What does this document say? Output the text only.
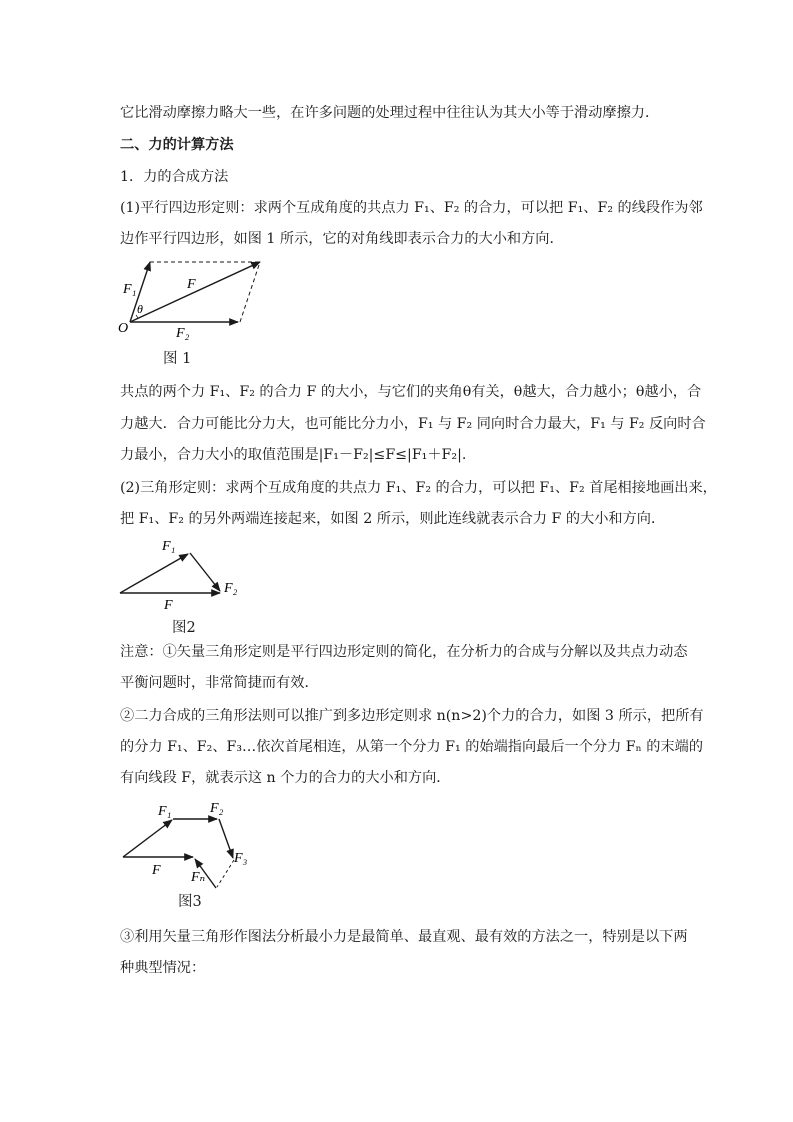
它比滑动摩擦力略大一些，在许多问题的处理过程中往往认为其大小等于滑动摩擦力．
二、力的计算方法
1．力的合成方法
(1)平行四边形定则：求两个互成角度的共点力 F₁、F₂ 的合力，可以把 F₁、F₂ 的线段作为邻
边作平行四边形，如图 1 所示，它的对角线即表示合力的大小和方向．
F₁	F
θ
O	F₂
图 1
共点的两个力 F₁、F₂ 的合力 F 的大小，与它们的夹角θ有关，θ越大，合力越小；θ越小，合
力越大．合力可能比分力大，也可能比分力小，F₁ 与 F₂ 同向时合力最大，F₁ 与 F₂ 反向时合
力最小，合力大小的取值范围是|F₁－F₂|≤F≤|F₁＋F₂|.
(2)三角形定则：求两个互成角度的共点力 F₁、F₂ 的合力，可以把 F₁、F₂ 首尾相接地画出来，
把 F₁、F₂ 的另外两端连接起来，如图 2 所示，则此连线就表示合力 F 的大小和方向．
F₁
F₂
F
图2
注意：①矢量三角形定则是平行四边形定则的简化，在分析力的合成与分解以及共点力动态
平衡问题时，非常简捷而有效．
②二力合成的三角形法则可以推广到多边形定则求 n(n>2)个力的合力，如图 3 所示，把所有
的分力 F₁、F₂、F₃…依次首尾相连，从第一个分力 F₁ 的始端指向最后一个分力 Fₙ 的末端的
有向线段 F，就表示这 n 个力的合力的大小和方向．
F₁	F₂
F₃
Fₙ
F
图3
③利用矢量三角形作图法分析最小力是最简单、最直观、最有效的方法之一，特别是以下两
种典型情况：
